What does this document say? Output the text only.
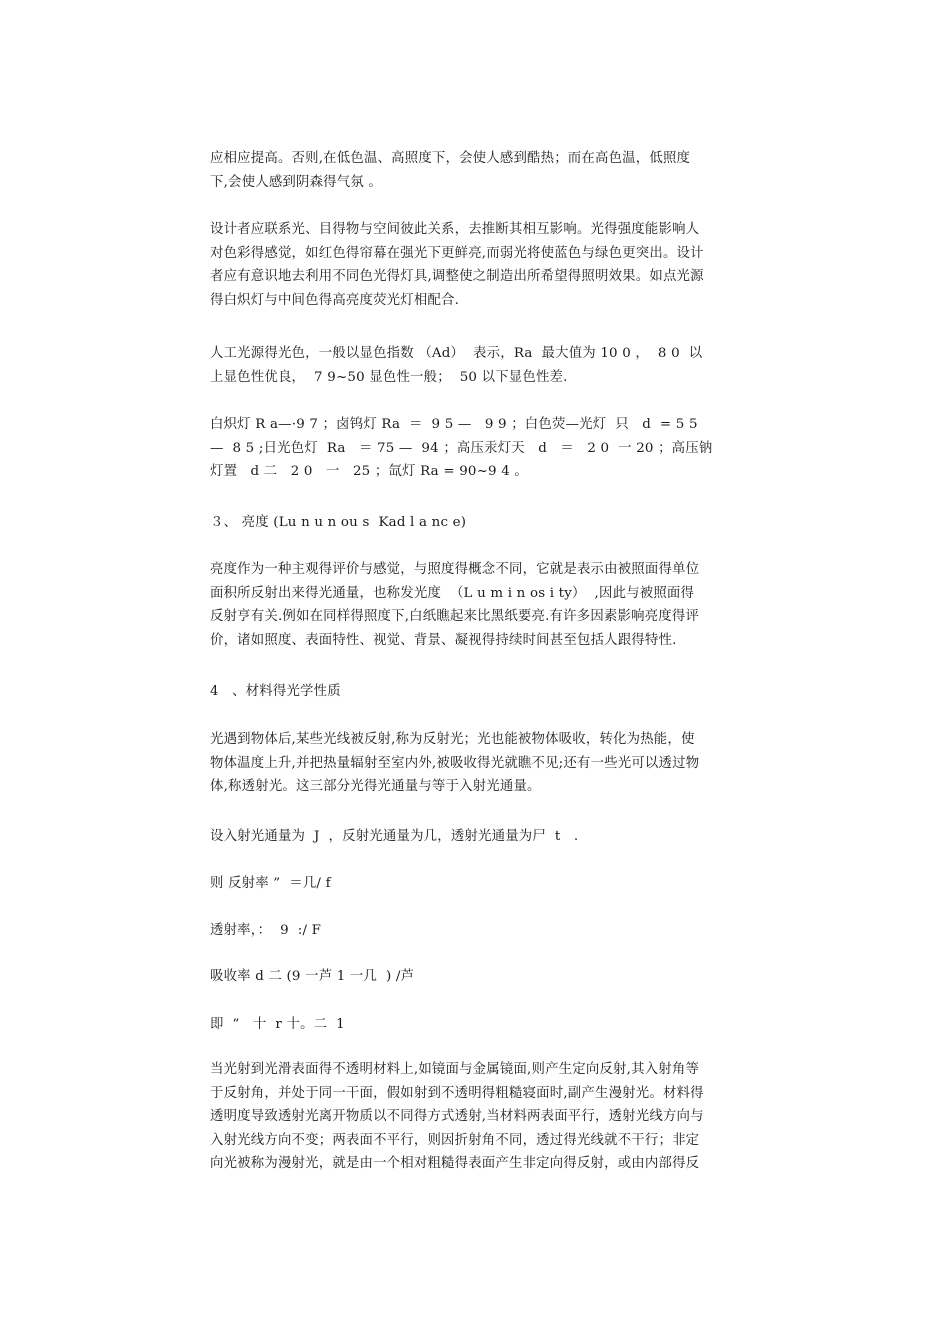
应相应提高。否则,在低色温、高照度下，会使人感到酷热；而在高色温，低照度
下,会使人感到阴森得气氛 。
设计者应联系光、目得物与空间彼此关系，去推断其相互影响。光得强度能影响人
对色彩得感觉，如红色得帘幕在强光下更鲜亮,而弱光将使蓝色与绿色更突出。设计
者应有意识地去利用不同色光得灯具,调整使之制造出所希望得照明效果。如点光源
得白炽灯与中间色得高亮度荧光灯相配合.
人工光源得光色，一般以显色指数 （Ad）  表示，Ra  最大值为 10 0 ，  8 0  以
上显色性优良，  7 9~50 显色性一般；  50 以下显色性差.
白炽灯 R a—·9 7 ；卤钨灯 Ra  ＝  9 5 —   9 9 ；白色荧—光灯  只   d  = 5 5
—  8 5 ;日光色灯  Ra   ＝ 75 —  94 ；高压汞灯天   d   ＝   2 0  一 20 ；高压钠
灯置   d 二   2 0   一   25 ；氙灯 Ra = 90~9 4 。
３、 亮度 (Lu n u n ou s  Kad l a nc e)
亮度作为一种主观得评价与感觉，与照度得概念不同，它就是表示由被照面得单位
面积所反射出来得光通量，也称发光度  （L u m i n os i ty）  ,因此与被照面得
反射亨有关.例如在同样得照度下,白纸瞧起来比黑纸要亮.有许多因素影响亮度得评
价，诸如照度、表面特性、视觉、背景、凝视得持续时间甚至包括人跟得特性.
4   、材料得光学性质
光遇到物体后,某些光线被反射,称为反射光；光也能被物体吸收，转化为热能，使
物体温度上升,并把热量辐射至室内外,被吸收得光就瞧不见;还有一些光可以透过物
体,称透射光。这三部分光得光通量与等于入射光通量。
设入射光通量为  J  ，反射光通量为几，透射光通量为尸  t   .
则 反射率 ”  ＝几/ f
透射率，：  9  :/ F
吸收率 d 二 (9 一芦 1 一几  ) /芦
即  ”   十  r 十。二  1
当光射到光滑表面得不透明材料上,如镜面与金属镜面,则产生定向反射,其入射角等
于反射角，并处于同一干面，假如射到不透明得粗糙寝面时,副产生漫射光。材料得
透明度导致透射光离开物质以不同得方式透射,当材料两表面平行，透射光线方向与
入射光线方向不变；两表面不平行，则因折射角不同，透过得光线就不干行；非定
向光被称为漫射光，就是由一个相对粗糙得表面产生非定向得反射，或由内部得反
